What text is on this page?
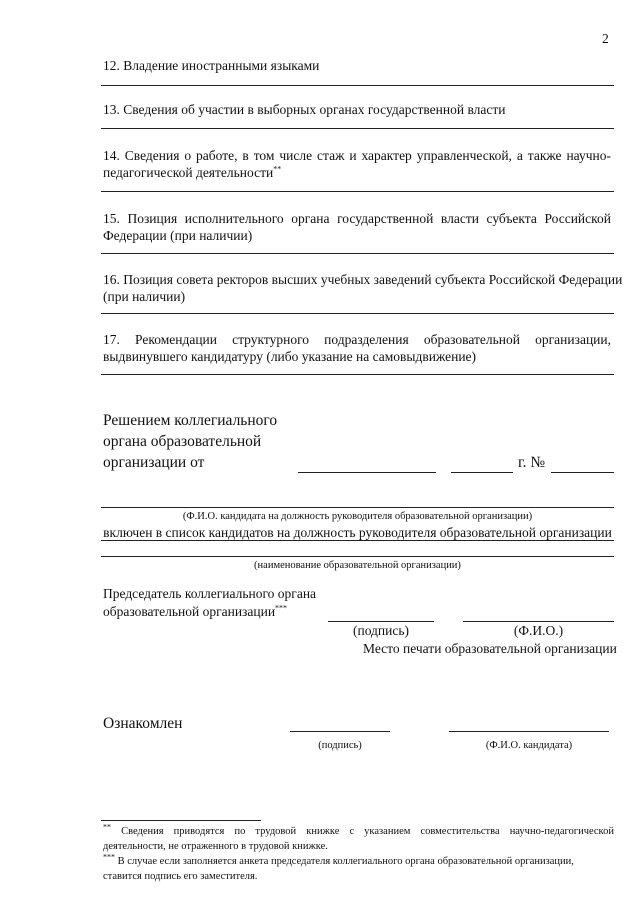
2
12. Владение иностранными языками
13. Сведения об участии в выборных органах государственной власти
14. Сведения о работе, в том числе стаж и характер управленческой, а также научно-
педагогической деятельности**
15. Позиция исполнительного органа государственной власти субъекта Российской
Федерации (при наличии)
16. Позиция совета ректоров высших учебных заведений субъекта Российской Федерации
(при наличии)
17. Рекомендации структурного подразделения образовательной организации,
выдвинувшего кандидатуру (либо указание на самовыдвижение)
Решением коллегиального
органа образовательной
организации от	г. №
(Ф.И.О. кандидата на должность руководителя образовательной организации)
включен в список кандидатов на должность руководителя образовательной организации
(наименование образовательной организации)
Председатель коллегиального органа
образовательной организации***
(подпись)	(Ф.И.О.)
Место печати образовательной организации
Ознакомлен
(подпись)	(Ф.И.О. кандидата)
** Сведения приводятся по трудовой книжке с указанием совместительства научно-педагогической
деятельности, не отраженного в трудовой книжке.
*** В случае если заполняется анкета председателя коллегиального органа образовательной организации,
ставится подпись его заместителя.
